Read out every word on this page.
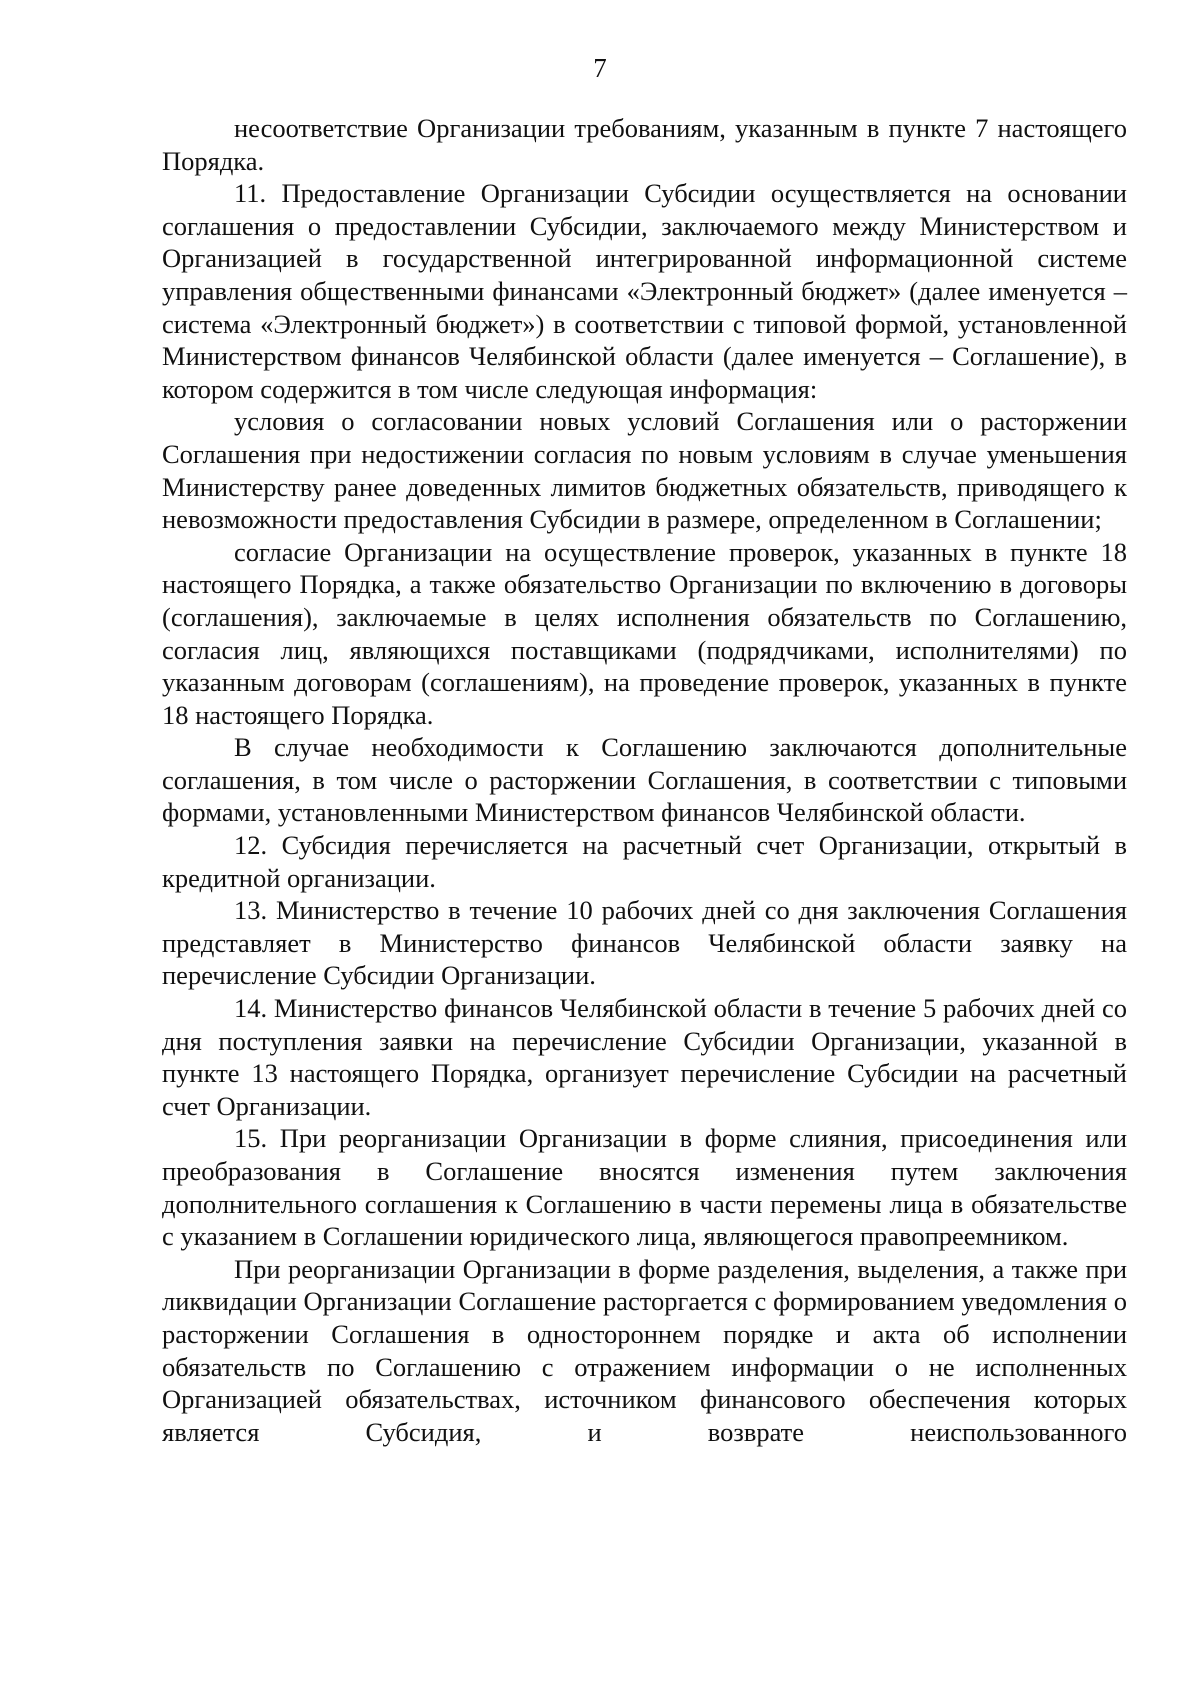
7

несоответствие Организации требованиям, указанным в пункте 7 настоящего Порядка.

11. Предоставление Организации Субсидии осуществляется на основании соглашения о предоставлении Субсидии, заключаемого между Министерством и Организацией в государственной интегрированной информационной системе управления общественными финансами «Электронный бюджет» (далее именуется – система «Электронный бюджет») в соответствии с типовой формой, установленной Министерством финансов Челябинской области (далее именуется – Соглашение), в котором содержится в том числе следующая информация:

условия о согласовании новых условий Соглашения или о расторжении Соглашения при недостижении согласия по новым условиям в случае уменьшения Министерству ранее доведенных лимитов бюджетных обязательств, приводящего к невозможности предоставления Субсидии в размере, определенном в Соглашении;

согласие Организации на осуществление проверок, указанных в пункте 18 настоящего Порядка, а также обязательство Организации по включению в договоры (соглашения), заключаемые в целях исполнения обязательств по Соглашению, согласия лиц, являющихся поставщиками (подрядчиками, исполнителями) по указанным договорам (соглашениям), на проведение проверок, указанных в пункте 18 настоящего Порядка.

В случае необходимости к Соглашению заключаются дополнительные соглашения, в том числе о расторжении Соглашения, в соответствии с типовыми формами, установленными Министерством финансов Челябинской области.

12. Субсидия перечисляется на расчетный счет Организации, открытый в кредитной организации.

13. Министерство в течение 10 рабочих дней со дня заключения Соглашения представляет в Министерство финансов Челябинской области заявку на перечисление Субсидии Организации.

14. Министерство финансов Челябинской области в течение 5 рабочих дней со дня поступления заявки на перечисление Субсидии Организации, указанной в пункте 13 настоящего Порядка, организует перечисление Субсидии на расчетный счет Организации.

15. При реорганизации Организации в форме слияния, присоединения или преобразования в Соглашение вносятся изменения путем заключения дополнительного соглашения к Соглашению в части перемены лица в обязательстве с указанием в Соглашении юридического лица, являющегося правопреемником.

При реорганизации Организации в форме разделения, выделения, а также при ликвидации Организации Соглашение расторгается с формированием уведомления о расторжении Соглашения в одностороннем порядке и акта об исполнении обязательств по Соглашению с отражением информации о не исполненных Организацией обязательствах, источником финансового обеспечения которых является Субсидия, и возврате неиспользованного
